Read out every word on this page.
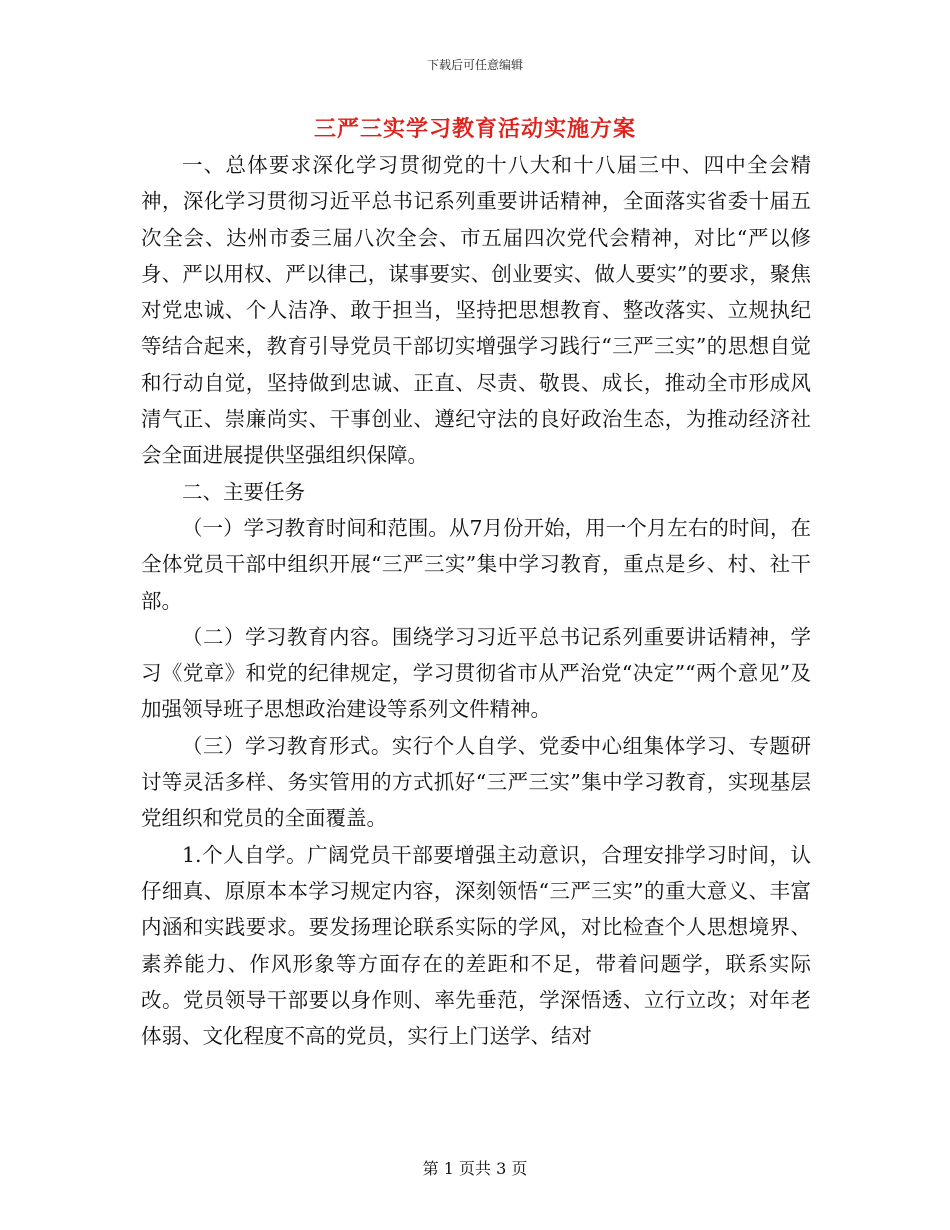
下载后可任意编辑
三严三实学习教育活动实施方案

一、总体要求深化学习贯彻党的十八大和十八届三中、四中全会精神，深化学习贯彻习近平总书记系列重要讲话精神，全面落实省委十届五次全会、达州市委三届八次全会、市五届四次党代会精神，对比“严以修身、严以用权、严以律己，谋事要实、创业要实、做人要实”的要求，聚焦对党忠诚、个人洁净、敢于担当，坚持把思想教育、整改落实、立规执纪等结合起来，教育引导党员干部切实增强学习践行“三严三实”的思想自觉和行动自觉，坚持做到忠诚、正直、尽责、敬畏、成长，推动全市形成风清气正、崇廉尚实、干事创业、遵纪守法的良好政治生态，为推动经济社会全面进展提供坚强组织保障。

二、主要任务

（一）学习教育时间和范围。从7月份开始，用一个月左右的时间，在全体党员干部中组织开展“三严三实”集中学习教育，重点是乡、村、社干部。

（二）学习教育内容。围绕学习习近平总书记系列重要讲话精神，学习《党章》和党的纪律规定，学习贯彻省市从严治党“决定”“两个意见”及加强领导班子思想政治建设等系列文件精神。

（三）学习教育形式。实行个人自学、党委中心组集体学习、专题研讨等灵活多样、务实管用的方式抓好“三严三实”集中学习教育，实现基层党组织和党员的全面覆盖。

1.个人自学。广阔党员干部要增强主动意识，合理安排学习时间，认仔细真、原原本本学习规定内容，深刻领悟“三严三实”的重大意义、丰富内涵和实践要求。要发扬理论联系实际的学风，对比检查个人思想境界、素养能力、作风形象等方面存在的差距和不足，带着问题学，联系实际改。党员领导干部要以身作则、率先垂范，学深悟透、立行立改；对年老体弱、文化程度不高的党员，实行上门送学、结对

第 1 页共 3 页
